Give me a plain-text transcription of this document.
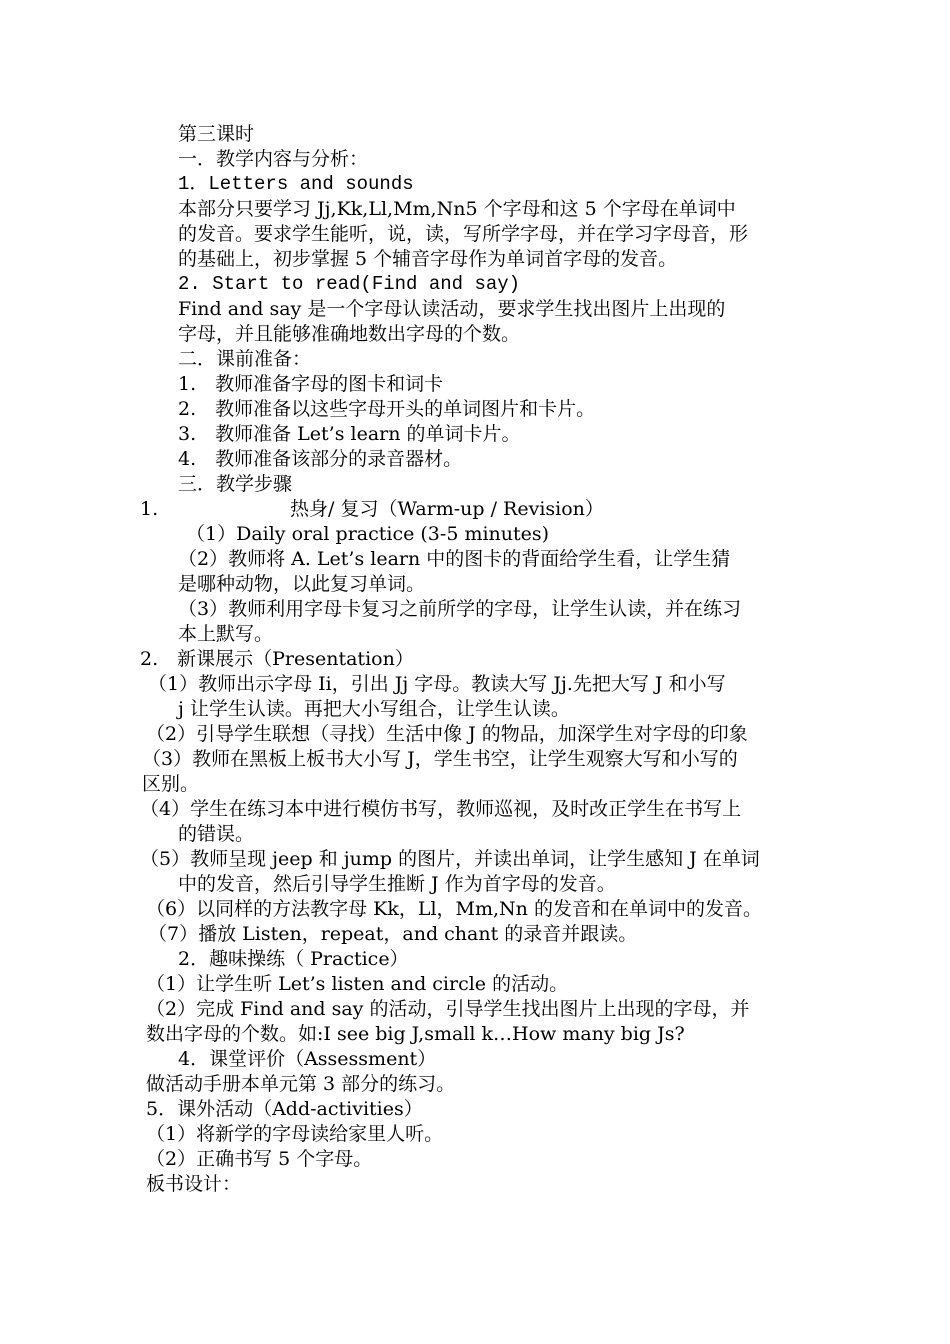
第三课时
一．教学内容与分析：
1．Letters and sounds
本部分只要学习 Jj,Kk,Ll,Mm,Nn5 个字母和这 5 个字母在单词中
的发音。要求学生能听，说，读，写所学字母，并在学习字母音，形
的基础上，初步掌握 5 个辅音字母作为单词首字母的发音。
2. Start to read(Find and say)
Find and say 是一个字母认读活动，要求学生找出图片上出现的
字母，并且能够准确地数出字母的个数。
二．课前准备：
1.　教师准备字母的图卡和词卡
2.　教师准备以这些字母开头的单词图片和卡片。
3.　教师准备 Let’s learn 的单词卡片。
4.　教师准备该部分的录音器材。
三．教学步骤
1.	热身/ 复习（Warm-up / Revision）
（1）Daily oral practice (3-5 minutes)
（2）教师将 A. Let’s learn 中的图卡的背面给学生看，让学生猜
是哪种动物，以此复习单词。
（3）教师利用字母卡复习之前所学的字母，让学生认读，并在练习
本上默写。
2.　新课展示（Presentation）
（1）教师出示字母 Ii，引出 Jj 字母。教读大写 Jj.先把大写 J 和小写
j 让学生认读。再把大小写组合，让学生认读。
（2）引导学生联想（寻找）生活中像 J 的物品，加深学生对字母的印象
（3）教师在黑板上板书大小写 J，学生书空，让学生观察大写和小写的
区别。
（4）学生在练习本中进行模仿书写，教师巡视，及时改正学生在书写上
的错误。
（5）教师呈现 jeep 和 jump 的图片，并读出单词，让学生感知 J 在单词
中的发音，然后引导学生推断 J 作为首字母的发音。
（6）以同样的方法教字母 Kk，Ll，Mm,Nn 的发音和在单词中的发音。
（7）播放 Listen，repeat，and chant 的录音并跟读。
2．趣味操练（ Practice）
（1）让学生听 Let’s listen and circle 的活动。
（2）完成 Find and say 的活动，引导学生找出图片上出现的字母，并
数出字母的个数。如:I see big J,small k…How many big Js?
4．课堂评价（Assessment）
做活动手册本单元第 3 部分的练习。
5．课外活动（Add-activities）
（1）将新学的字母读给家里人听。
（2）正确书写 5 个字母。
板书设计：
